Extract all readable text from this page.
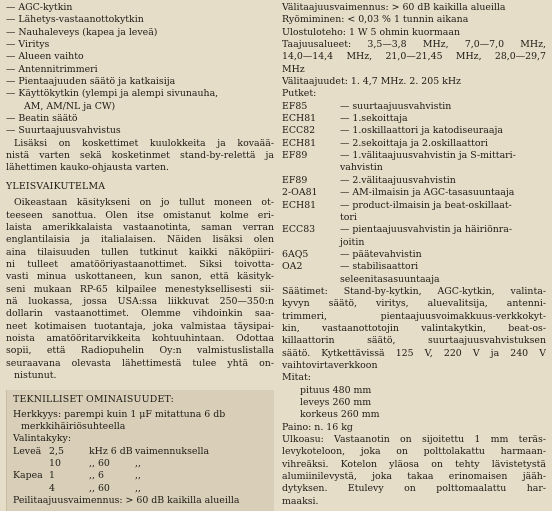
— AGC-kytkin
— Lähetys-vastaanottokytkin
— Nauhaleveys (kapea ja leveä)
— Viritys
— Alueen vaihto
— Antennitrimmeri
— Pientaajuuden säätö ja katkaisija
— Käyttökytkin (ylempi ja alempi sivunauha,
AM, AM/NL ja CW)
— Beatin säätö
— Suurtaajuusvahvistus
Lisäksi on koskettimet kuulokkeita ja kovaää-
nistä varten sekä kosketinmet stand-by-relettä ja
lähettimen kauko-ohjausta varten.
YLEISVAIKUTELMA
Oikeastaan käsitykseni on jo tullut moneen ot-
teeseen sanottua. Olen itse omistanut kolme eri-
laista amerikkalaista vastaanotinta, saman verran
englantilaisia ja italialaisen. Näiden lisäksi olen
aina tilaisuuden tullen tutkinut kaikki näköpiiri-
ni tulleet amatööriyastaanottimet. Siksi toivotta-
vasti minua uskottaneen, kun sanon, että käsityk-
seni mukaan RP-65 kilpailee menestyksellisesti sii-
nä luokassa, jossa USA:ssa liikkuvat 250—350:n
dollarin vastaanottimet. Olemme vihdoinkin saa-
neet kotimaisen tuotantaja, joka valmistaa täysipai-
noista amatööritarvikkeita kohtuuhintaan. Odottaa
sopii, että Radiopuhelin Oy:n valmistuslistalla
seuraavana olevasta lähettimestä tulee yhtä on-
nistunut.
TEKNILLISET OMINAISUUDET:
Herkkyys: parempi kuin 1 μF mitattuna 6 db
merkkihäiriösuhteella
Valintakyky:
Leveä 2,5	kHz 6 dB vaimennuksella
10	,, 60	,,
Kapea 1	,, 6	,,
4	,, 60	,,
Peilitaajuusvaimennus: > 60 dB kaikilla alueilla
Välitaajuusvaimennus: > 60 dB kaikilla alueilla
Ryömiminen: < 0,03 % 1 tunnin aikana
Ulostuloteho: 1 W 5 ohmin kuormaan
Taajuusalueet: 3,5—3,8 MHz, 7,0—7,0 MHz,
14,0—14,4 MHz, 21,0—21,45 MHz, 28,0—29,7
MHz
Välitaajuudet: 1. 4,7 MHz. 2. 205 kHz
Putket:
EF85	— suurtaajuusvahvistin
ECH81	— 1.sekoittaja
ECC82	— 1.oskillaattori ja katodiseuraaja
ECH81	— 2.sekoittaja ja 2.oskillaattori
EF89	— 1.välitaajuusvahvistin ja S-mittari-
vahvistin
EF89	— 2.välitaajuusvahvistin
2-OA81	— AM-ilmaisin ja AGC-tasasuuntaaja
ECH81	— product-ilmaisin ja beat-oskillaat-
tori
ECC83	— pientaajuusvahvistin ja häiriönra-
joitin
6AQ5	— päätevahvistin
OA2	— stabilisaattori
seleenitasasuuntaaja
Säätimet: Stand-by-kytkin, AGC-kytkin, valinta-
kyvyn säätö, viritys, aluevalitsija, antenni-
trimmeri, pientaajuusvoimakkuus-verkkokyt-
kin, vastaanottotojin valintakytkin, beat-os-
killaattorin säätö, suurtaajuusvahvistuksen
säätö. Kytkettävissä 125 V, 220 V ja 240 V
vaihtovirtaverkkoon
Mitat:
pituus 480 mm
leveys 260 mm
korkeus 260 mm
Paino: n. 16 kg
Ulkoasu: Vastaanotin on sijoitettu 1 mm teräs-
levykoteloon, joka on polttolakattu harmaan-
vihreäksi. Kotelon yläosa on tehty lävistetystä
alumiinilevystä, joka takaa erinomaisen jääh-
dytyksen. Etulevy on polttomaalattu har-
maaksi.
